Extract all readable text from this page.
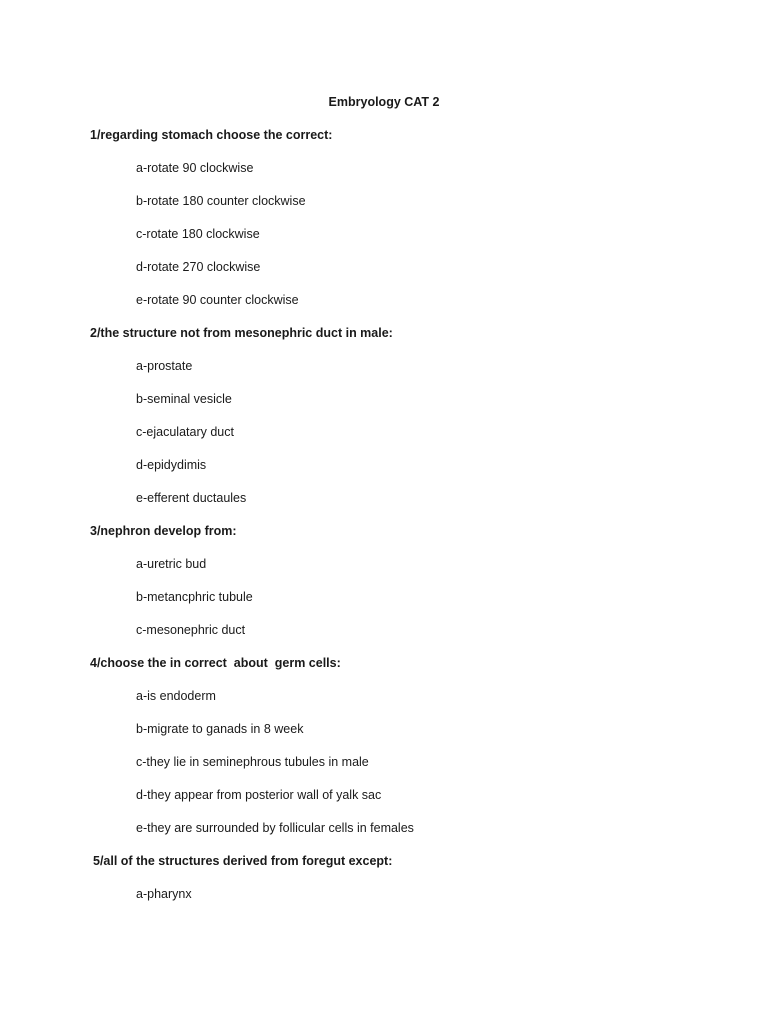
Embryology CAT 2
1/regarding stomach choose the correct:
a-rotate 90 clockwise
b-rotate 180 counter clockwise
c-rotate 180 clockwise
d-rotate 270 clockwise
e-rotate 90 counter clockwise
2/the structure not from mesonephric duct in male:
a-prostate
b-seminal vesicle
c-ejaculatary duct
d-epidydimis
e-efferent ductaules
3/nephron develop from:
a-uretric bud
b-metancphric tubule
c-mesonephric duct
4/choose the in correct  about  germ cells:
a-is endoderm
b-migrate to ganads in 8 week
c-they lie in seminephrous tubules in male
d-they appear from posterior wall of yalk sac
e-they are surrounded by follicular cells in females
5/all of the structures derived from foregut except:
a-pharynx
